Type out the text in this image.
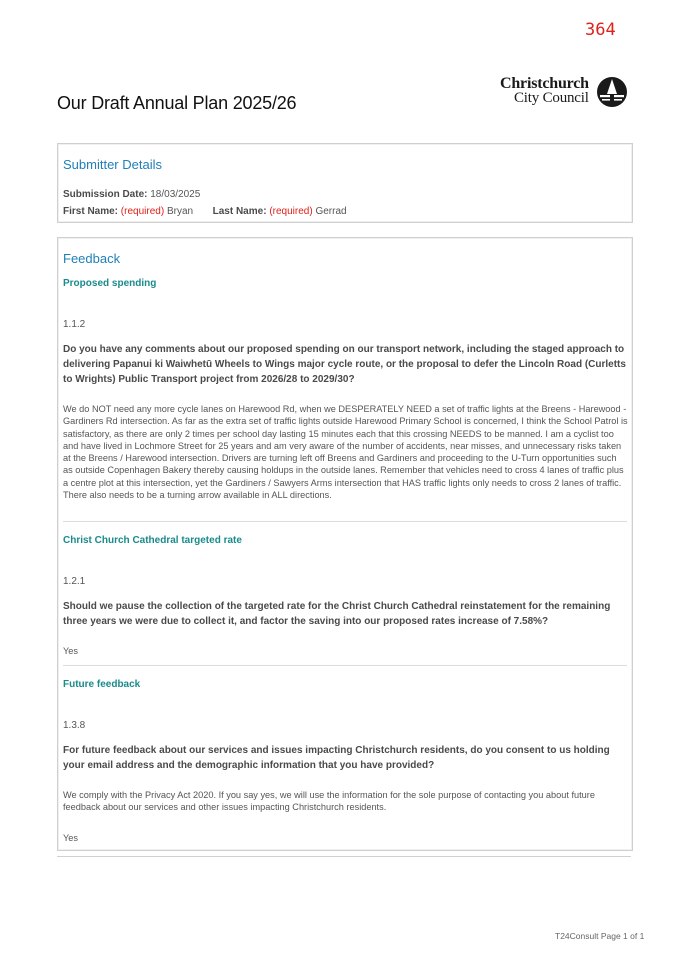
364
Our Draft Annual Plan 2025/26
Christchurch
City Council
Submitter Details
Submission Date: 18/03/2025
First Name: (required) Bryan Last Name: (required) Gerrad
Feedback
Proposed spending
1.1.2
Do you have any comments about our proposed spending on our transport network, including the staged approach to delivering Papanui ki Waiwhetū Wheels to Wings major cycle route, or the proposal to defer the Lincoln Road (Curletts to Wrights) Public Transport project from 2026/28 to 2029/30?
We do NOT need any more cycle lanes on Harewood Rd, when we DESPERATELY NEED a set of traffic lights at the Breens - Harewood - Gardiners Rd intersection. As far as the extra set of traffic lights outside Harewood Primary School is concerned, I think the School Patrol is satisfactory, as there are only 2 times per school day lasting 15 minutes each that this crossing NEEDS to be manned. I am a cyclist too and have lived in Lochmore Street for 25 years and am very aware of the number of accidents, near misses, and unnecessary risks taken at the Breens / Harewood intersection. Drivers are turning left off Breens and Gardiners and proceeding to the U-Turn opportunities such as outside Copenhagen Bakery thereby causing holdups in the outside lanes. Remember that vehicles need to cross 4 lanes of traffic plus a centre plot at this intersection, yet the Gardiners / Sawyers Arms intersection that HAS traffic lights only needs to cross 2 lanes of traffic. There also needs to be a turning arrow available in ALL directions.
Christ Church Cathedral targeted rate
1.2.1
Should we pause the collection of the targeted rate for the Christ Church Cathedral reinstatement for the remaining three years we were due to collect it, and factor the saving into our proposed rates increase of 7.58%?
Yes
Future feedback
1.3.8
For future feedback about our services and issues impacting Christchurch residents, do you consent to us holding your email address and the demographic information that you have provided?
We comply with the Privacy Act 2020. If you say yes, we will use the information for the sole purpose of contacting you about future feedback about our services and other issues impacting Christchurch residents.
Yes
T24Consult Page 1 of 1
